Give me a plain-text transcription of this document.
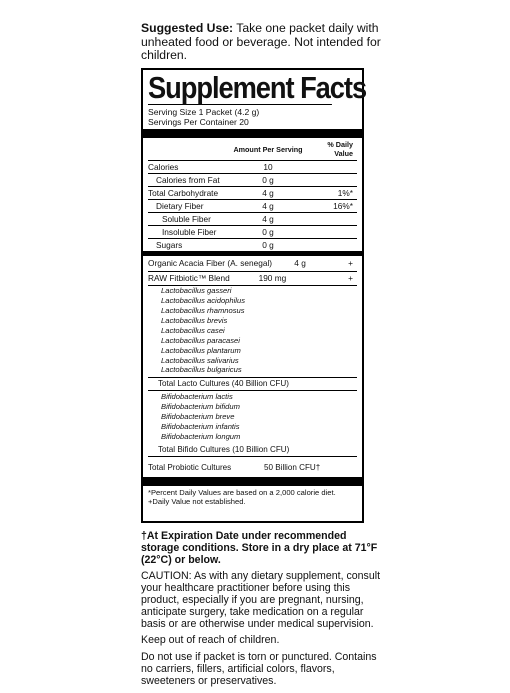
Suggested Use: Take one packet daily with unheated food or beverage. Not intended for children.
Supplement Facts
Serving Size 1 Packet (4.2 g)
Servings Per Container 20
Amount Per Serving	% Daily Value
Calories	10
Calories from Fat	0 g
Total Carbohydrate	4 g	1%*
Dietary Fiber	4 g	16%*
Soluble Fiber	4 g
Insoluble Fiber	0 g
Sugars	0 g
Organic Acacia Fiber (A. senegal)	4 g	+
RAW Fitbiotic™ Blend	190 mg	+
Lactobacillus gasseri
Lactobacillus acidophilus
Lactobacillus rhamnosus
Lactobacillus brevis
Lactobacillus casei
Lactobacillus paracasei
Lactobacillus plantarum
Lactobacillus salivarius
Lactobacillus bulgaricus
Total Lacto Cultures (40 Billion CFU)
Bifidobacterium lactis
Bifidobacterium bifidum
Bifidobacterium breve
Bifidobacterium infantis
Bifidobacterium longum
Total Bifido Cultures (10 Billion CFU)
Total Probiotic Cultures	50 Billion CFU†
*Percent Daily Values are based on a 2,000 calorie diet.
+Daily Value not established.

†At Expiration Date under recommended storage conditions. Store in a dry place at 71°F (22°C) or below.

CAUTION: As with any dietary supplement, consult your healthcare practitioner before using this product, especially if you are pregnant, nursing, anticipate surgery, take medication on a regular basis or are otherwise under medical supervision.

Keep out of reach of children.

Do not use if packet is torn or punctured. Contains no carriers, fillers, artificial colors, flavors, sweeteners or preservatives.
